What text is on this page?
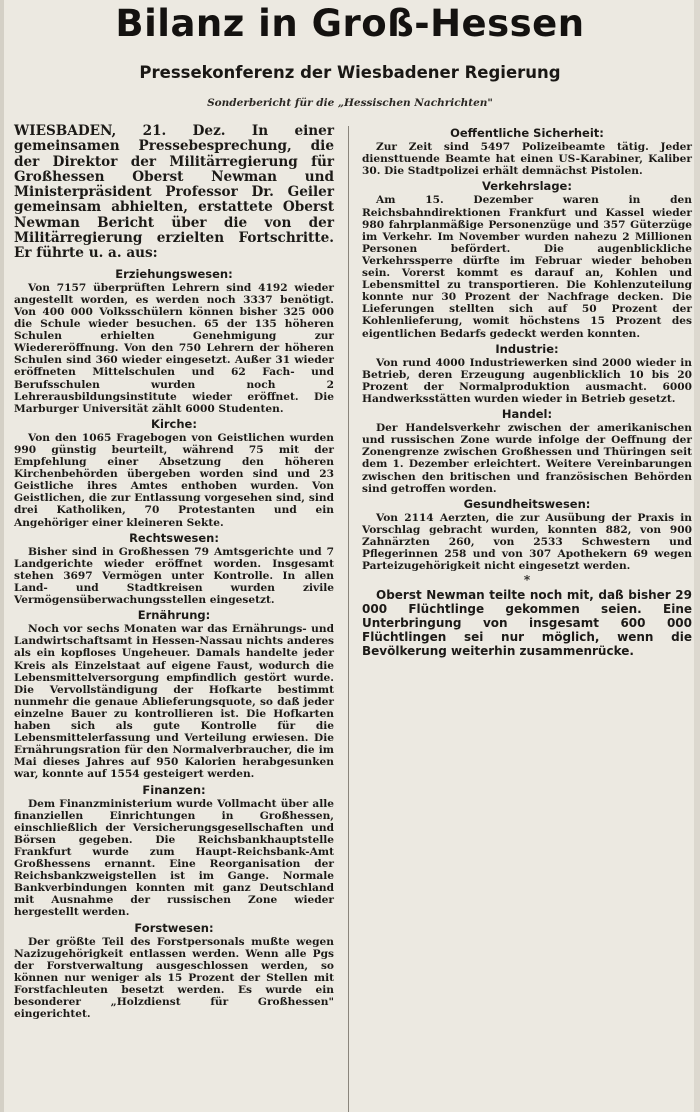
Bilanz in Groß-Hessen
Pressekonferenz der Wiesbadener Regierung
Sonderbericht für die „Hessischen Nachrichten"
WIESBADEN, 21. Dez. In einer gemeinsamen Pressebesprechung, die der Direktor der Militärregierung für Großhessen Oberst Newman und Ministerpräsident Professor Dr. Geiler gemeinsam abhielten, erstattete Oberst Newman Bericht über die von der Militärregierung erzielten Fortschritte. Er führte u. a. aus:
Erziehungswesen:

Von 7157 überprüften Lehrern sind 4192 wieder angestellt worden, es werden noch 3337 benötigt. Von 400 000 Volksschülern können bisher 325 000 die Schule wieder besuchen. 65 der 135 höheren Schulen erhielten Genehmigung zur Wiedereröffnung. Von den 750 Lehrern der höheren Schulen sind 360 wieder eingesetzt. Außer 31 wieder eröffneten Mittelschulen und 62 Fach- und Berufsschulen wurden noch 2 Lehrerausbildungsinstitute wieder eröffnet. Die Marburger Universität zählt 6000 Studenten.

Kirche:

Von den 1065 Fragebogen von Geistlichen wurden 990 günstig beurteilt, während 75 mit der Empfehlung einer Absetzung den höheren Kirchenbehörden übergeben worden sind und 23 Geistliche ihres Amtes enthoben wurden. Von Geistlichen, die zur Entlassung vorgesehen sind, sind drei Katholiken, 70 Protestanten und ein Angehöriger einer kleineren Sekte.

Rechtswesen:

Bisher sind in Großhessen 79 Amtsgerichte und 7 Landgerichte wieder eröffnet worden. Insgesamt stehen 3697 Vermögen unter Kontrolle. In allen Land- und Stadtkreisen wurden zivile Vermögensüberwachungsstellen eingesetzt.

Ernährung:

Noch vor sechs Monaten war das Ernährungs- und Landwirtschaftsamt in Hessen-Nassau nichts anderes als ein kopfloses Ungeheuer. Damals handelte jeder Kreis als Einzelstaat auf eigene Faust, wodurch die Lebensmittelversorgung empfindlich gestört wurde. Die Vervollständigung der Hofkarte bestimmt nunmehr die genaue Ablieferungsquote, so daß jeder einzelne Bauer zu kontrollieren ist. Die Hofkarten haben sich als gute Kontrolle für die Lebensmittelerfassung und Verteilung erwiesen. Die Ernährungsration für den Normalverbraucher, die im Mai dieses Jahres auf 950 Kalorien herabgesunken war, konnte auf 1554 gesteigert werden.

Finanzen:

Dem Finanzministerium wurde Vollmacht über alle finanziellen Einrichtungen in Großhessen, einschließlich der Versicherungsgesellschaften und Börsen gegeben. Die Reichsbankhauptstelle Frankfurt wurde zum Haupt-Reichsbank-Amt Großhessens ernannt. Eine Reorganisation der Reichsbankzweigstellen ist im Gange. Normale Bankverbindungen konnten mit ganz Deutschland mit Ausnahme der russischen Zone wieder hergestellt werden.

Forstwesen:

Der größte Teil des Forstpersonals mußte wegen Nazizugehörigkeit entlassen werden. Wenn alle Pgs der Forstverwaltung ausgeschlossen werden, so können nur weniger als 15 Prozent der Stellen mit Forstfachleuten besetzt werden. Es wurde ein besonderer „Holzdienst für Großhessen" eingerichtet.

Oeffentliche Sicherheit:

Zur Zeit sind 5497 Polizeibeamte tätig. Jeder diensttuende Beamte hat einen US-Karabiner, Kaliber 30. Die Stadtpolizei erhält demnächst Pistolen.

Verkehrslage:

Am 15. Dezember waren in den Reichsbahndirektionen Frankfurt und Kassel wieder 980 fahrplanmäßige Personenzüge und 357 Güterzüge im Verkehr. Im November wurden nahezu 2 Millionen Personen befördert. Die augenblickliche Verkehrssperre dürfte im Februar wieder behoben sein. Vorerst kommt es darauf an, Kohlen und Lebensmittel zu transportieren. Die Kohlenzuteilung konnte nur 30 Prozent der Nachfrage decken. Die Lieferungen stellten sich auf 50 Prozent der Kohlenlieferung, womit höchstens 15 Prozent des eigentlichen Bedarfs gedeckt werden konnten.

Industrie:

Von rund 4000 Industriewerken sind 2000 wieder in Betrieb, deren Erzeugung augenblicklich 10 bis 20 Prozent der Normalproduktion ausmacht. 6000 Handwerksstätten wurden wieder in Betrieb gesetzt.

Handel:

Der Handelsverkehr zwischen der amerikanischen und russischen Zone wurde infolge der Oeffnung der Zonengrenze zwischen Großhessen und Thüringen seit dem 1. Dezember erleichtert. Weitere Vereinbarungen zwischen den britischen und französischen Behörden sind getroffen worden.

Gesundheitswesen:

Von 2114 Aerzten, die zur Ausübung der Praxis in Vorschlag gebracht wurden, konnten 882, von 900 Zahnärzten 260, von 2533 Schwestern und Pflegerinnen 258 und von 307 Apothekern 69 wegen Parteizugehörigkeit nicht eingesetzt werden.

*

Oberst Newman teilte noch mit, daß bisher 29 000 Flüchtlinge gekommen seien. Eine Unterbringung von insgesamt 600 000 Flüchtlingen sei nur möglich, wenn die Bevölkerung weiterhin zusammenrücke.
